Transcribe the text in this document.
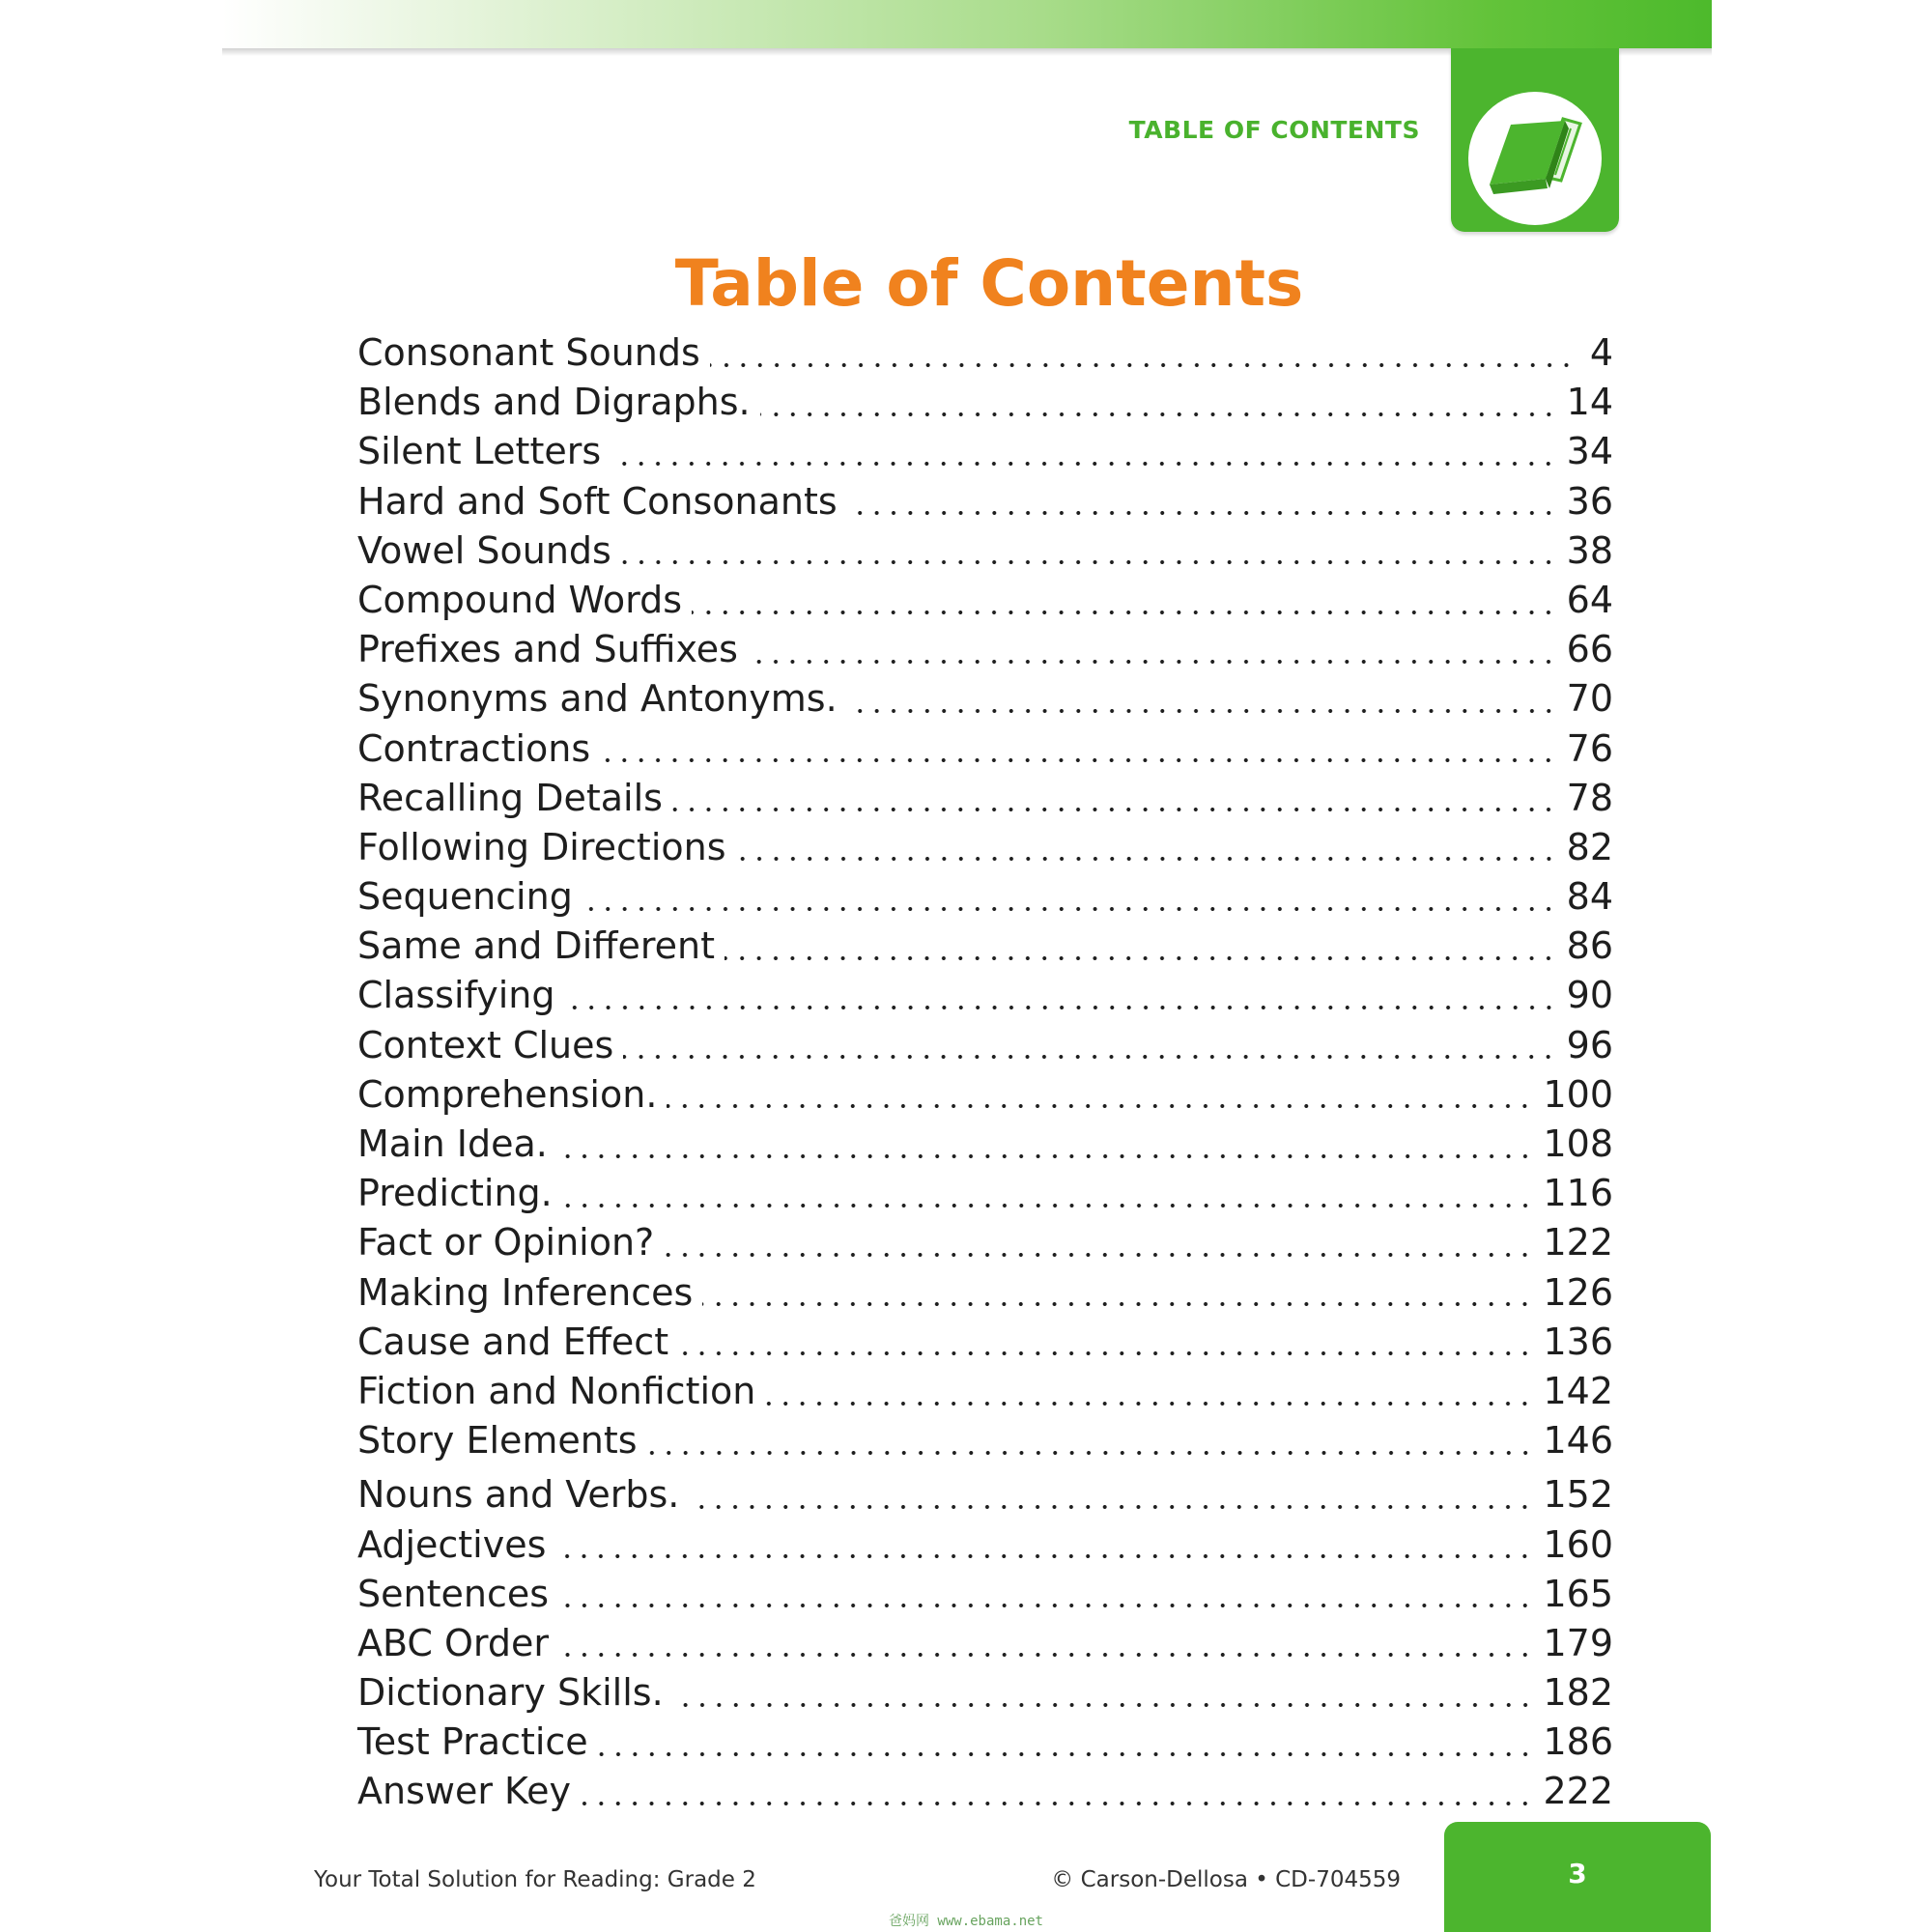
TABLE OF CONTENTS
Table of Contents
Consonant Sounds	4
Blends and Digraphs.	14
Silent Letters	34
Hard and Soft Consonants	36
Vowel Sounds	38
Compound Words	64
Prefixes and Suffixes	66
Synonyms and Antonyms.	70
Contractions	76
Recalling Details	78
Following Directions	82
Sequencing	84
Same and Different	86
Classifying	90
Context Clues	96
Comprehension.	100
Main Idea.	108
Predicting.	116
Fact or Opinion?	122
Making Inferences	126
Cause and Effect	136
Fiction and Nonfiction	142
Story Elements	146
Nouns and Verbs.	152
Adjectives	160
Sentences	165
ABC Order	179
Dictionary Skills.	182
Test Practice	186
Answer Key	222
Your Total Solution for Reading: Grade 2	© Carson-Dellosa • CD-704559	3
爸妈网 www.ebama.net
